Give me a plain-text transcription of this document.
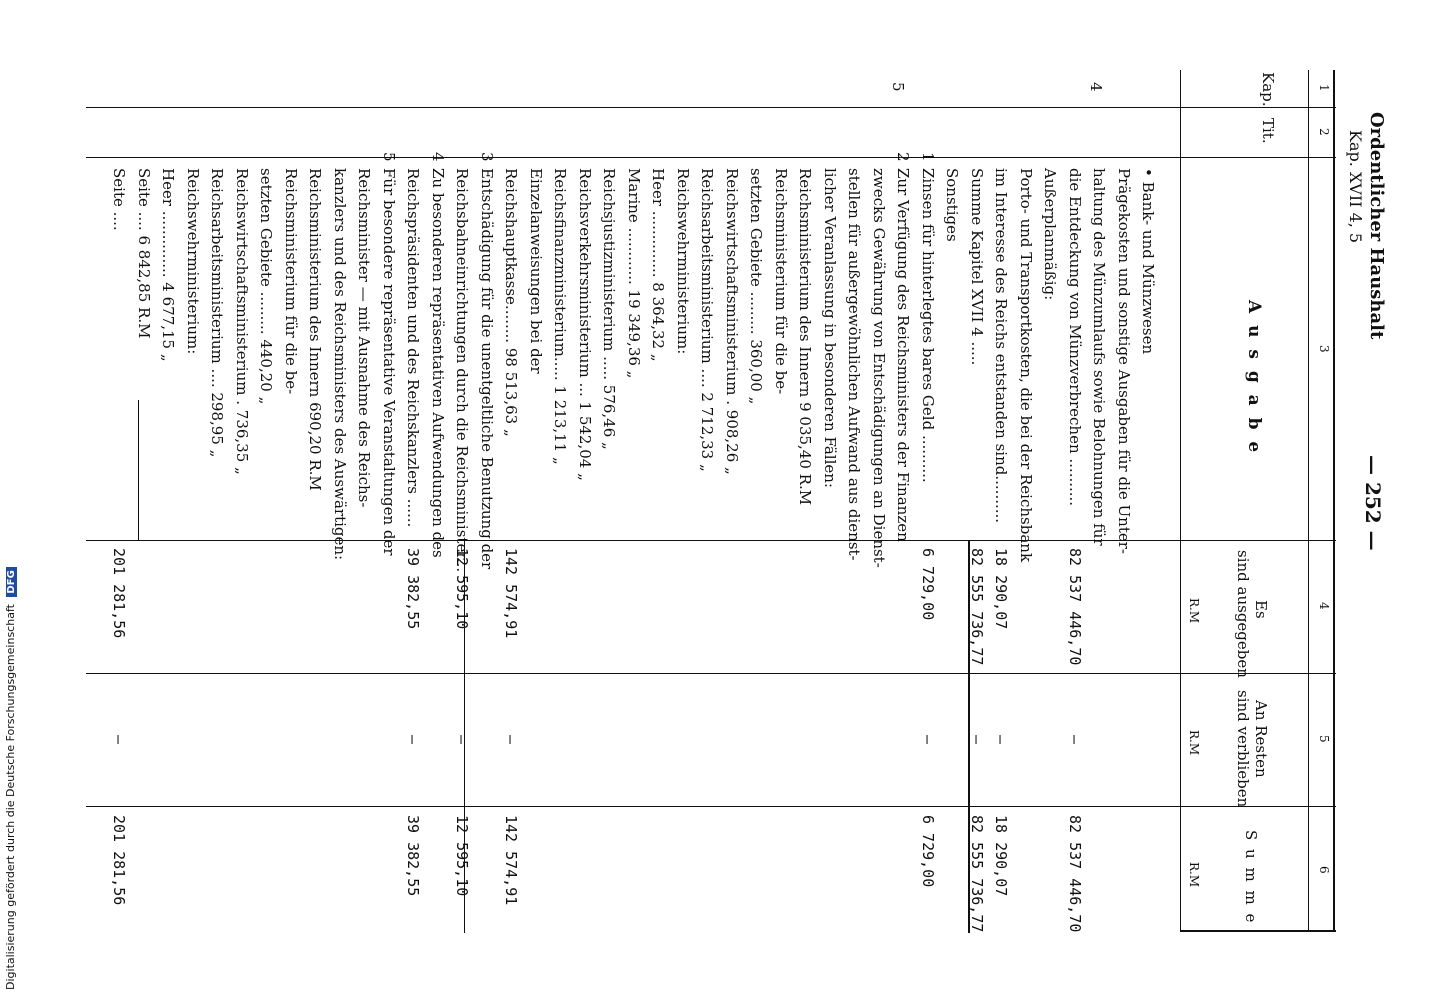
Ordentlicher Haushalt
Kap. XVII 4, 5
— 252 —
1
2
3
4
5
6
Kap.
Tit.
A u s g a b e
Es
sind ausgegeben
An Resten
sind verblieben
S u m m e
R.M
R.M
R.M
4
5
• Bank- und Münzwesen
Prägekosten und sonstige Ausgaben für die Unter-
haltung des Münzumlaufs sowie Belohnungen für
die Entdeckung von Münzverbrechen ..........
82 537 446,70
—
82 537 446,70
Außerplanmäßig:
Porto- und Transportkosten, die bei der Reichsbank
im Interesse des Reichs entstanden sind..........
18 290,07
—
18 290,07
Summe Kapitel XVII 4 .....
82 555 736,77
—
82 555 736,77
Sonstiges
1
Zinsen für hinterlegtes bares Geld ..........
6 729,00
—
6 729,00
2
Zur Verfügung des Reichsministers der Finanzen
zwecks Gewährung von Entschädigungen an Dienst-
stellen für außergewöhnlichen Aufwand aus dienst-
licher Veranlassung in besonderen Fällen:
Reichsministerium des Innern 9 035,40 R.M
Reichsministerium für die be-
setzten Gebiete ......... 360,00 „
Reichswirtschaftsministerium . 908,26 „
Reichsarbeitsministerium .... 2 712,33 „
Reichswehrministerium:
Heer .............. 8 364,32 „
Marine ............ 19 349,36 „
Reichsjustizministerium ..... 576,46 „
Reichsverkehrsministerium ... 1 542,04 „
Reichsfinanzministerium..... 1 213,11 „
Einzelanweisungen bei der
Reichshauptkasse........ 98 513,63 „
142 574,91
—
142 574,91
3
Entschädigung für die unentgeltliche Benutzung der
Reichsbahneinrichtungen durch die Reichsminister...
12 595,10
—
12 595,10
4
Zu besonderen repräsentativen Aufwendungen des
Reichspräsidenten und des Reichskanzlers ......
39 382,55
—
39 382,55
5
Für besondere repräsentative Veranstaltungen der
Reichsminister — mit Ausnahme des Reichs-
kanzlers und des Reichsministers des Auswärtigen:
Reichsministerium des Innern 690,20 R.M
Reichsministerium für die be-
setzten Gebiete ......... 440,20 „
Reichswirtschaftsministerium . 736,35 „
Reichsarbeitsministerium .... 298,95 „
Reichswehrministerium:
Heer .............. 4 677,15 „
Seite .... 6 842,85 R.M
Seite ....
201 281,56
—
201 281,56
Digitalisierung gefördert durch die Deutsche Forschungsgemeinschaft DFG
